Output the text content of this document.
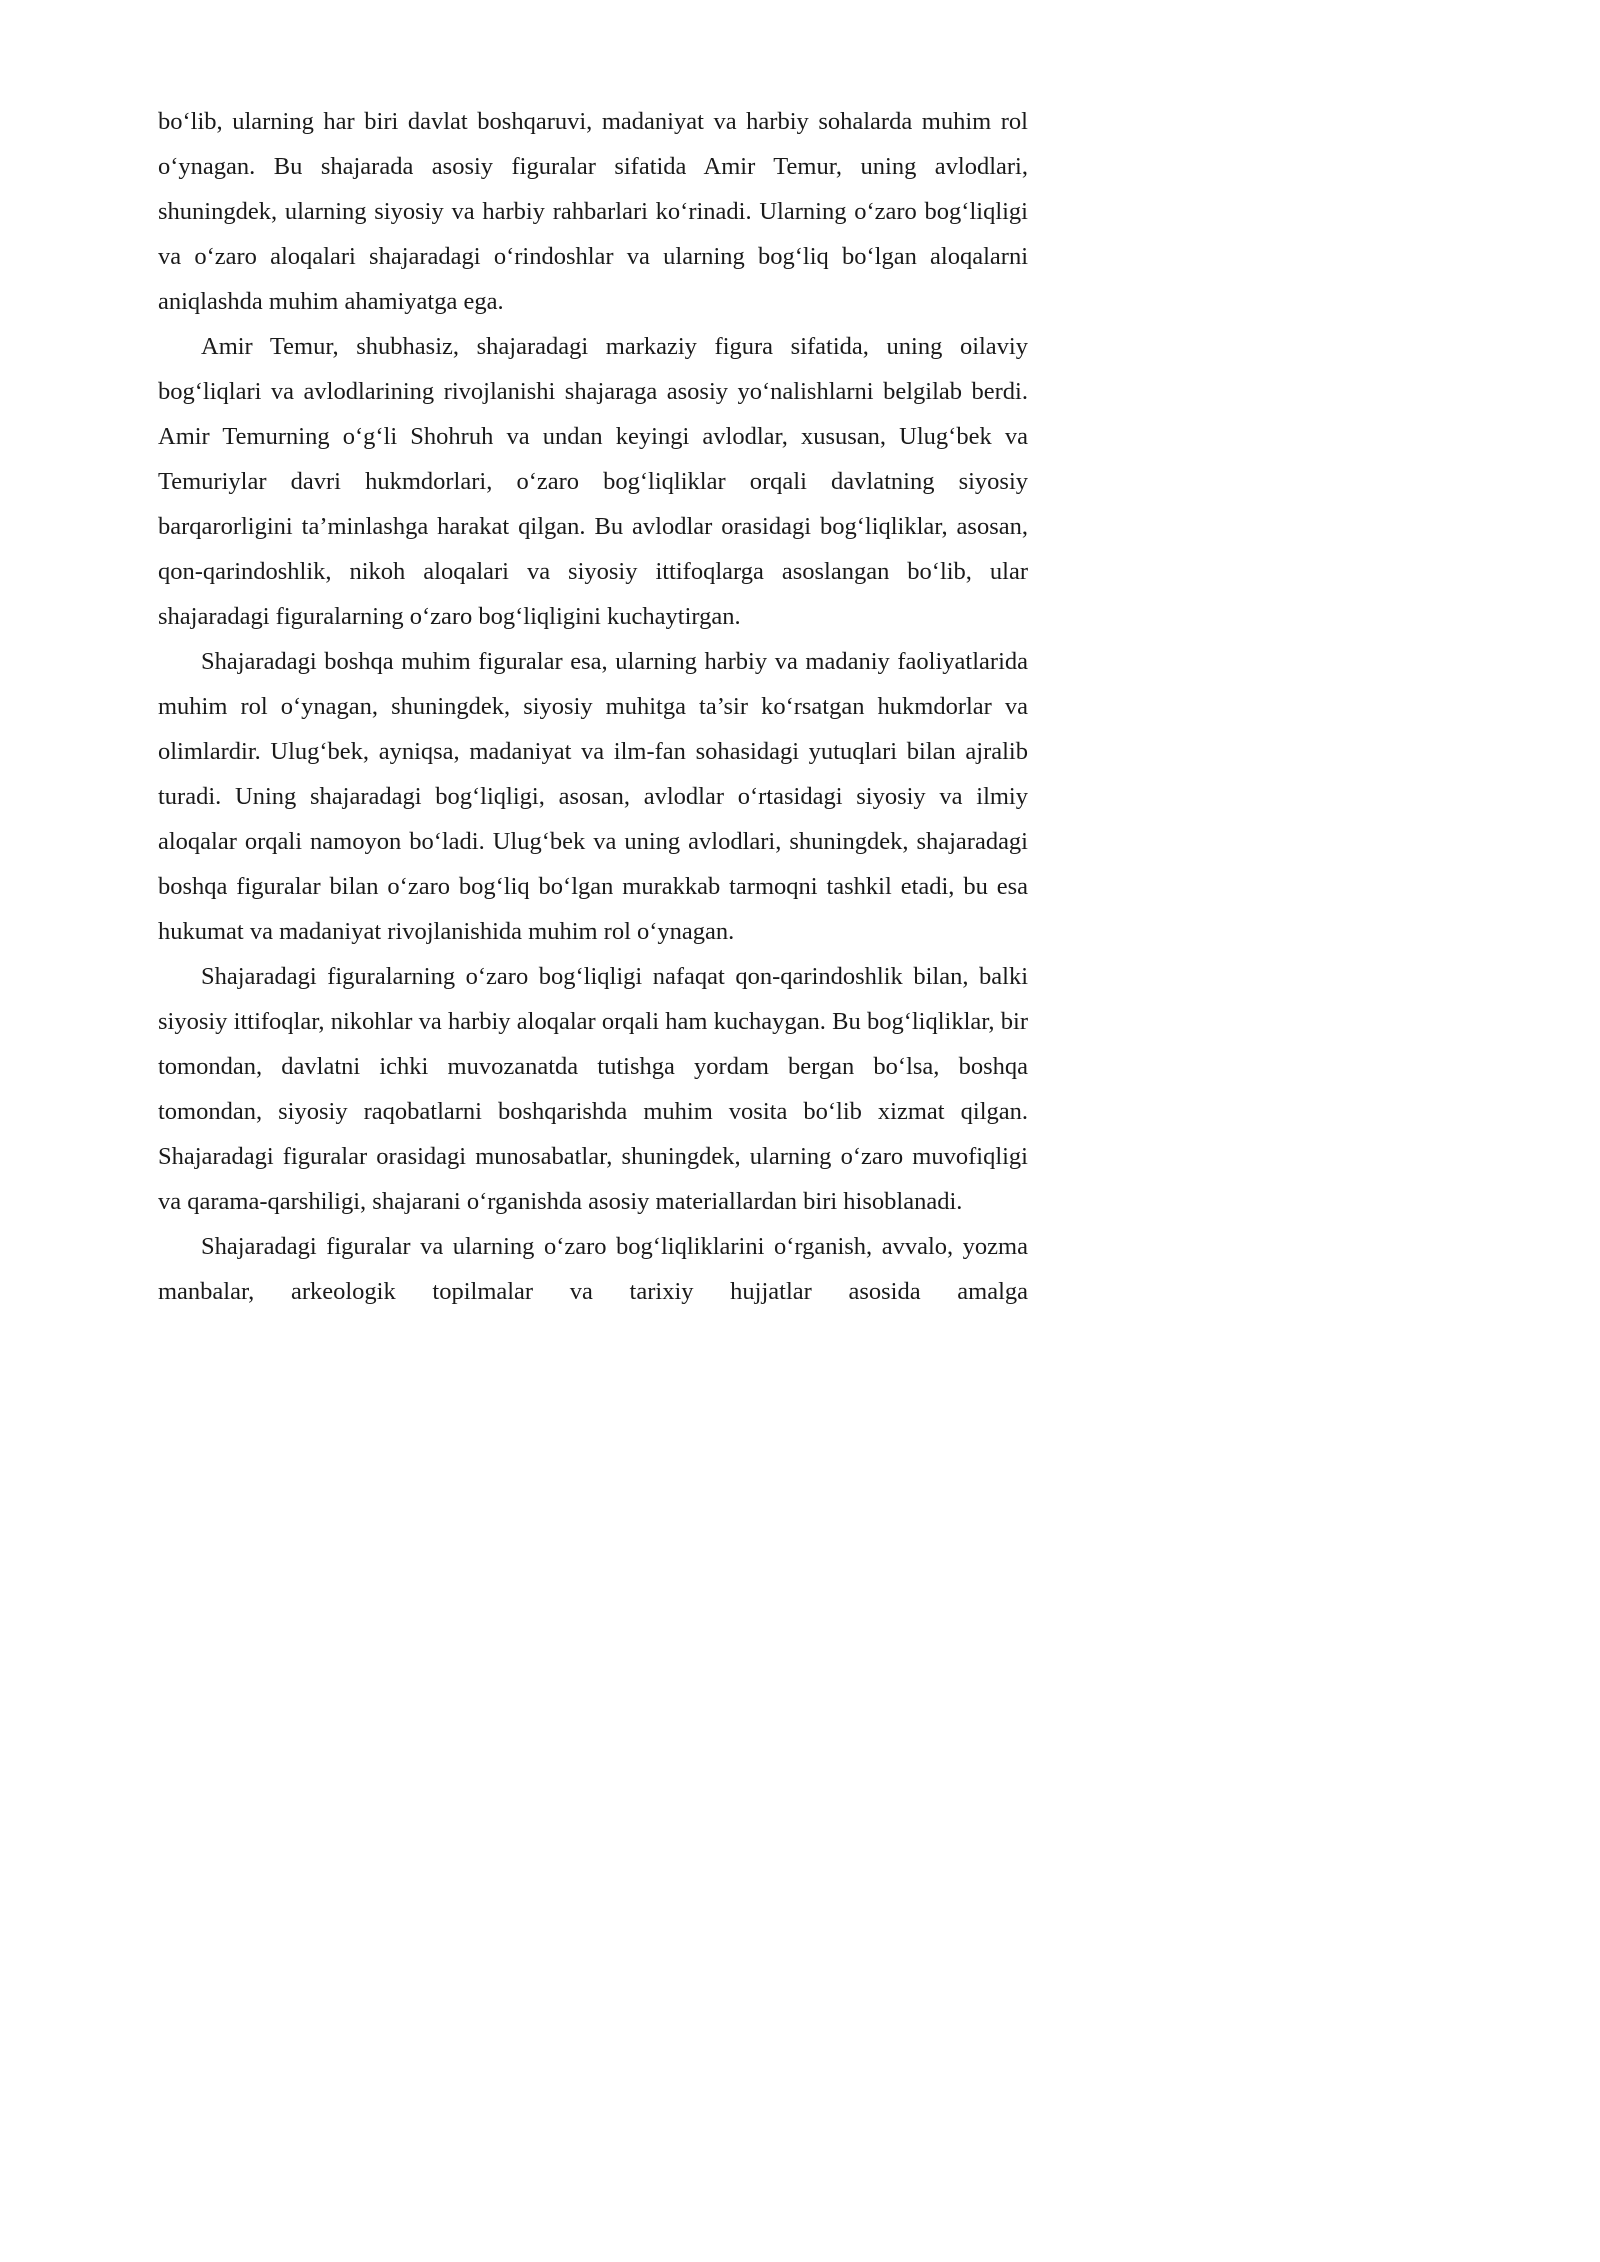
bo‘lib, ularning har biri davlat boshqaruvi, madaniyat va harbiy sohalarda muhim rol o‘ynagan. Bu shajarada asosiy figuralar sifatida Amir Temur, uning avlodlari, shuningdek, ularning siyosiy va harbiy rahbarlari ko‘rinadi. Ularning o‘zaro bog‘liqligi va o‘zaro aloqalari shajaradagi o‘rindoshlar va ularning bog‘liq bo‘lgan aloqalarni aniqlashda muhim ahamiyatga ega.

Amir Temur, shubhasiz, shajaradagi markaziy figura sifatida, uning oilaviy bog‘liqlari va avlodlarining rivojlanishi shajaraga asosiy yo‘nalishlarni belgilab berdi. Amir Temurning o‘g‘li Shohruh va undan keyingi avlodlar, xususan, Ulug‘bek va Temuriylar davri hukmdorlari, o‘zaro bog‘liqliklar orqali davlatning siyosiy barqarorligini ta’minlashga harakat qilgan. Bu avlodlar orasidagi bog‘liqliklar, asosan, qon-qarindoshlik, nikoh aloqalari va siyosiy ittifoqlarga asoslangan bo‘lib, ular shajaradagi figuralarning o‘zaro bog‘liqligini kuchaytirgan.

Shajaradagi boshqa muhim figuralar esa, ularning harbiy va madaniy faoliyatlarida muhim rol o‘ynagan, shuningdek, siyosiy muhitga ta’sir ko‘rsatgan hukmdorlar va olimlardir. Ulug‘bek, ayniqsa, madaniyat va ilm-fan sohasidagi yutuqlari bilan ajralib turadi. Uning shajaradagi bog‘liqligi, asosan, avlodlar o‘rtasidagi siyosiy va ilmiy aloqalar orqali namoyon bo‘ladi. Ulug‘bek va uning avlodlari, shuningdek, shajaradagi boshqa figuralar bilan o‘zaro bog‘liq bo‘lgan murakkab tarmoqni tashkil etadi, bu esa hukumat va madaniyat rivojlanishida muhim rol o‘ynagan.

Shajaradagi figuralarning o‘zaro bog‘liqligi nafaqat qon-qarindoshlik bilan, balki siyosiy ittifoqlar, nikohlar va harbiy aloqalar orqali ham kuchaygan. Bu bog‘liqliklar, bir tomondan, davlatni ichki muvozanatda tutishga yordam bergan bo‘lsa, boshqa tomondan, siyosiy raqobatlarni boshqarishda muhim vosita bo‘lib xizmat qilgan. Shajaradagi figuralar orasidagi munosabatlar, shuningdek, ularning o‘zaro muvofiqligi va qarama-qarshiligi, shajarani o‘rganishda asosiy materiallardan biri hisoblanadi.

Shajaradagi figuralar va ularning o‘zaro bog‘liqliklarini o‘rganish, avvalo, yozma manbalar, arkeologik topilmalar va tarixiy hujjatlar asosida amalga
